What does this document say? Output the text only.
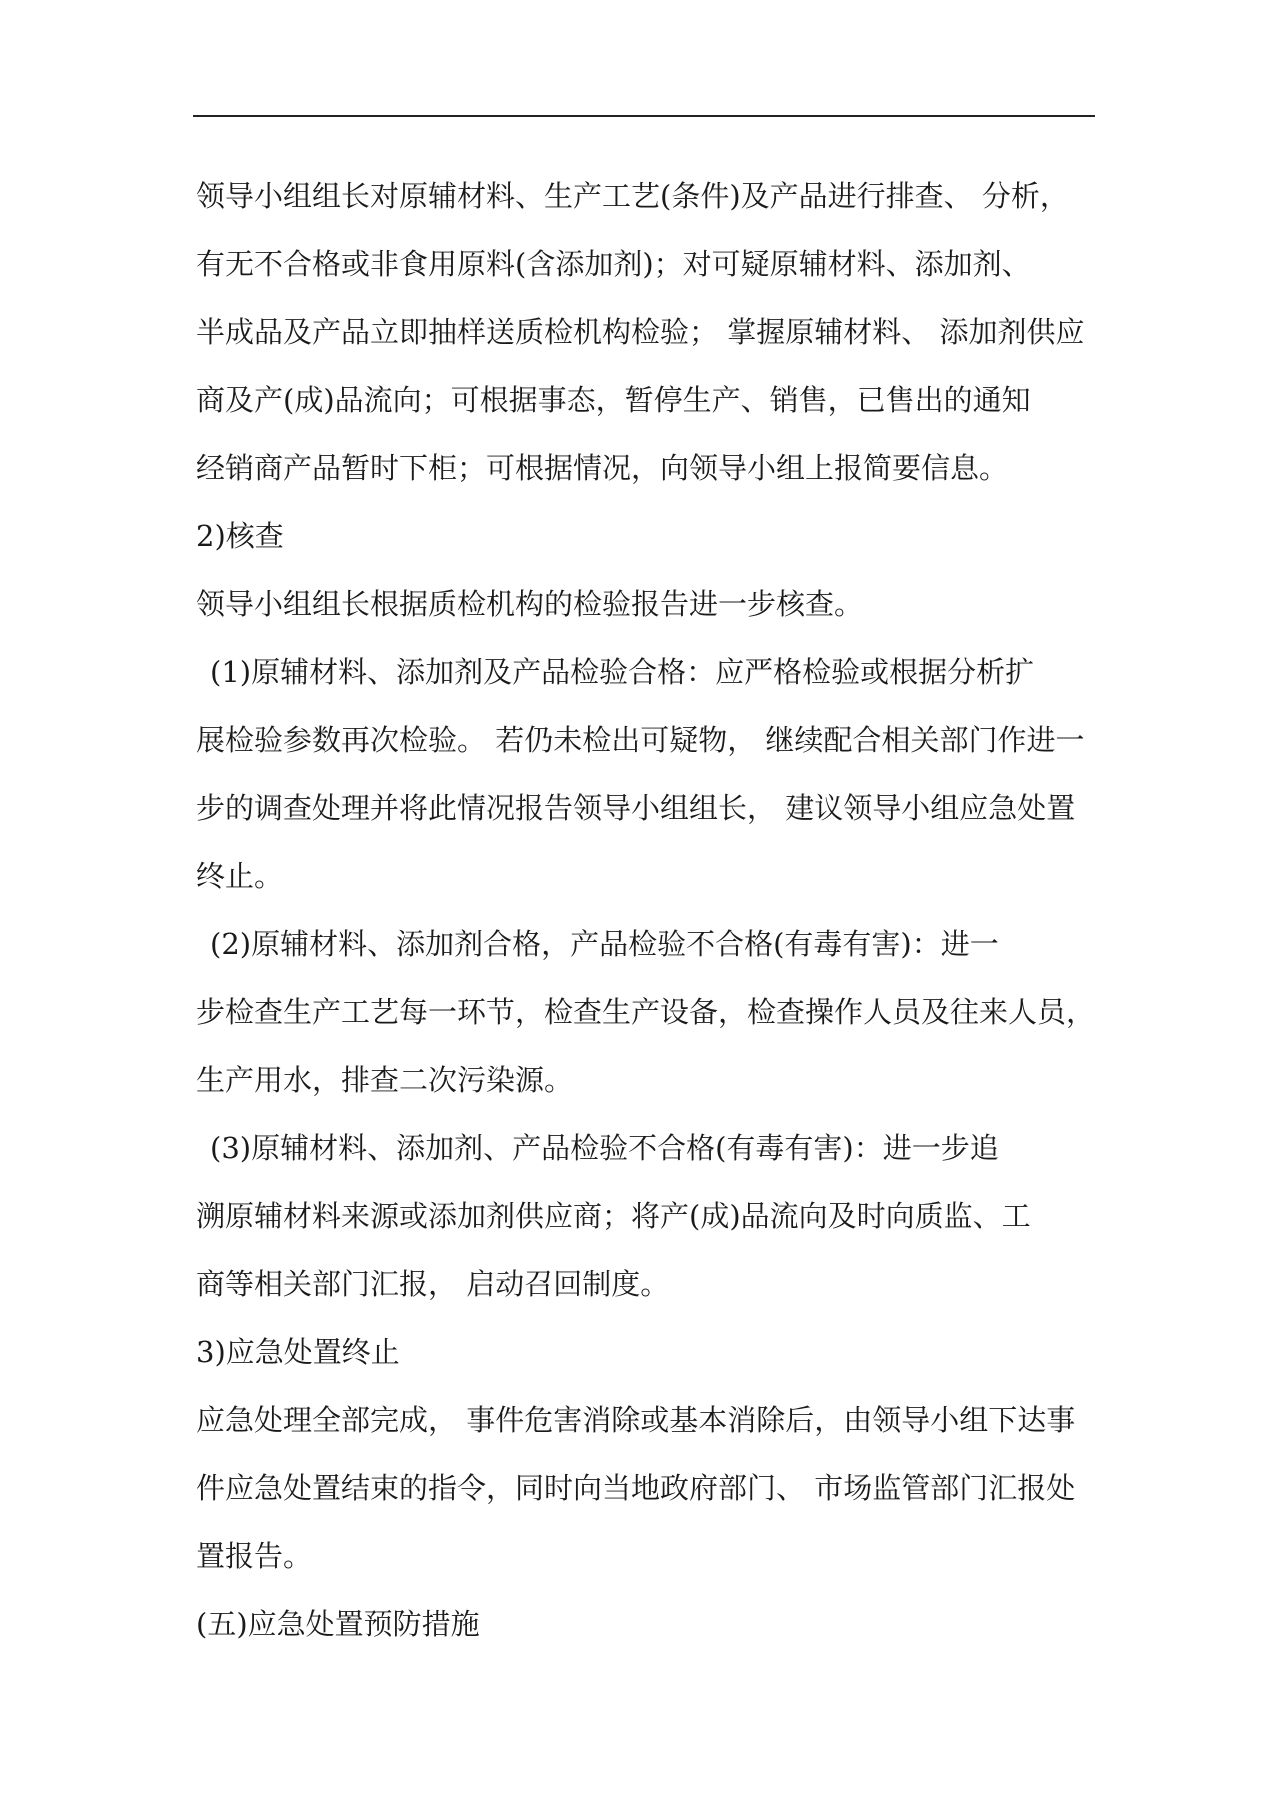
领导小组组长对原辅材料、生产工艺(条件)及产品进行排查、 分析，
有无不合格或非食用原料(含添加剂)；对可疑原辅材料、添加剂、
半成品及产品立即抽样送质检机构检验； 掌握原辅材料、 添加剂供应
商及产(成)品流向；可根据事态，暂停生产、销售，已售出的通知
经销商产品暂时下柜；可根据情况，向领导小组上报简要信息。
2)核查
领导小组组长根据质检机构的检验报告进一步核查。
(1)原辅材料、添加剂及产品检验合格：应严格检验或根据分析扩
展检验参数再次检验。 若仍未检出可疑物， 继续配合相关部门作进一
步的调查处理并将此情况报告领导小组组长， 建议领导小组应急处置
终止。
(2)原辅材料、添加剂合格，产品检验不合格(有毒有害)：进一
步检查生产工艺每一环节，检查生产设备，检查操作人员及往来人员，
生产用水，排查二次污染源。
(3)原辅材料、添加剂、产品检验不合格(有毒有害)：进一步追
溯原辅材料来源或添加剂供应商；将产(成)品流向及时向质监、工
商等相关部门汇报， 启动召回制度。
3)应急处置终止
应急处理全部完成， 事件危害消除或基本消除后，由领导小组下达事
件应急处置结束的指令，同时向当地政府部门、 市场监管部门汇报处
置报告。
(五)应急处置预防措施
